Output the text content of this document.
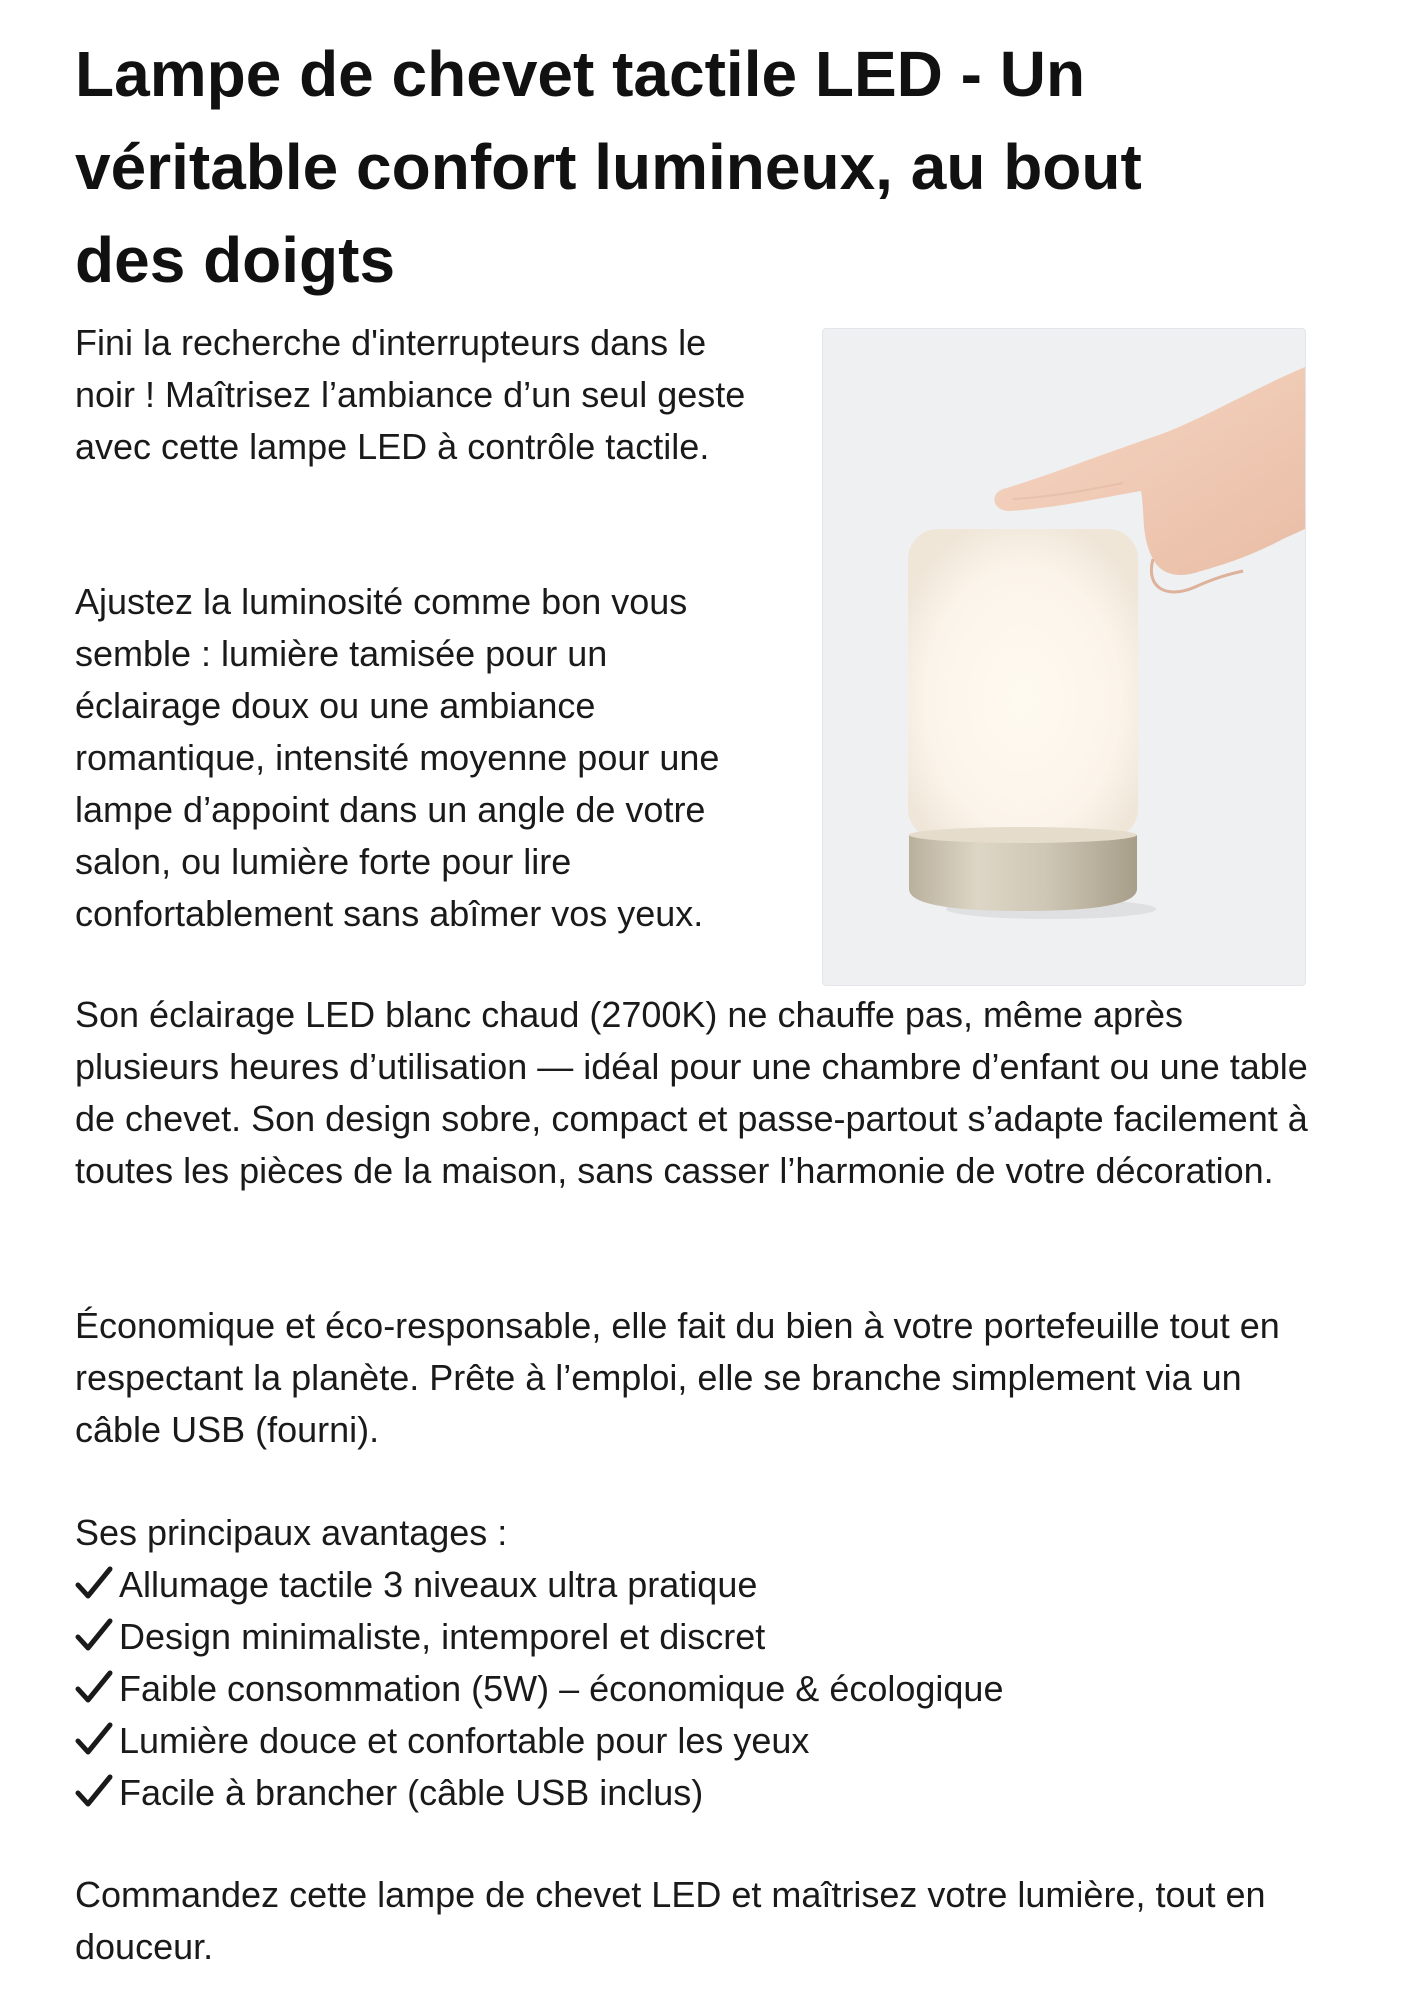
Lampe de chevet tactile LED - Un véritable confort lumineux, au bout des doigts

Fini la recherche d'interrupteurs dans le noir ! Maîtrisez l’ambiance d’un seul geste avec cette lampe LED à contrôle tactile.

Ajustez la luminosité comme bon vous semble : lumière tamisée pour un éclairage doux ou une ambiance romantique, intensité moyenne pour une lampe d’appoint dans un angle de votre salon, ou lumière forte pour lire confortablement sans abîmer vos yeux.

Son éclairage LED blanc chaud (2700K) ne chauffe pas, même après plusieurs heures d’utilisation — idéal pour une chambre d’enfant ou une table de chevet. Son design sobre, compact et passe-partout s’adapte facilement à toutes les pièces de la maison, sans casser l’harmonie de votre décoration.

Économique et éco-responsable, elle fait du bien à votre portefeuille tout en respectant la planète. Prête à l’emploi, elle se branche simplement via un câble USB (fourni).

Ses principaux avantages :

Allumage tactile 3 niveaux ultra pratique
Design minimaliste, intemporel et discret
Faible consommation (5W) – économique & écologique
Lumière douce et confortable pour les yeux
Facile à brancher (câble USB inclus)

Commandez cette lampe de chevet LED et maîtrisez votre lumière, tout en douceur.
